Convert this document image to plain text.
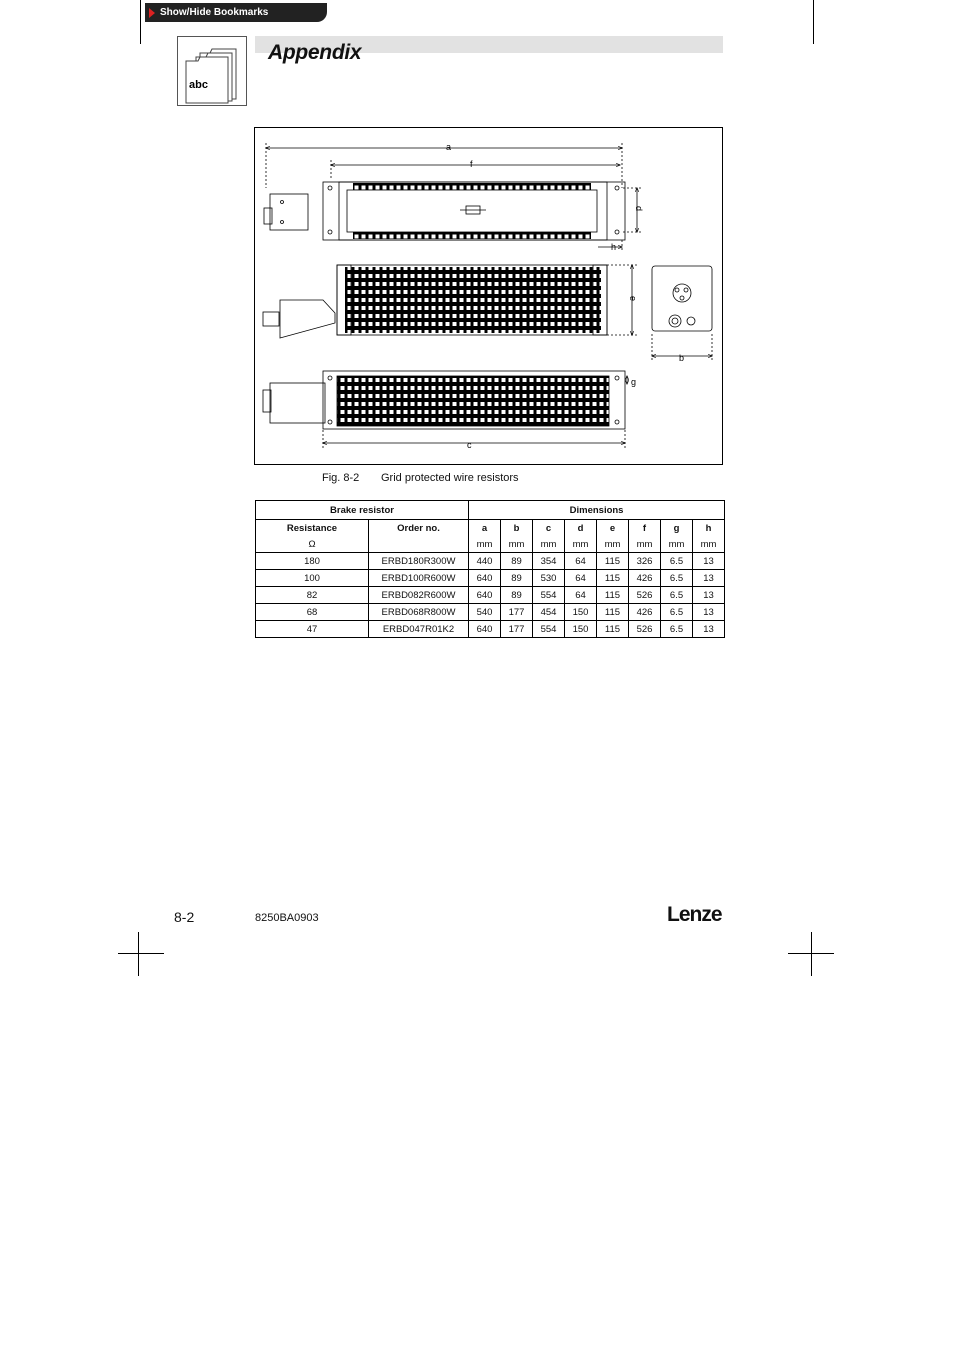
Show/Hide Bookmarks
abc
Appendix
a
f
d
h
e
b
g
c
Fig. 8-2 Grid protected wire resistors
Brake resistor		Dimensions							
Resistance	Order no.	a	b	c	d	e	f	g	h
Ω		mm	mm	mm	mm	mm	mm	mm	mm
180	ERBD180R300W	440	89	354	64	115	326	6.5	13
100	ERBD100R600W	640	89	530	64	115	426	6.5	13
82	ERBD082R600W	640	89	554	64	115	526	6.5	13
68	ERBD068R800W	540	177	454	150	115	426	6.5	13
47	ERBD047R01K2	640	177	554	150	115	526	6.5	13
8-2	8250BA0903	Lenze
